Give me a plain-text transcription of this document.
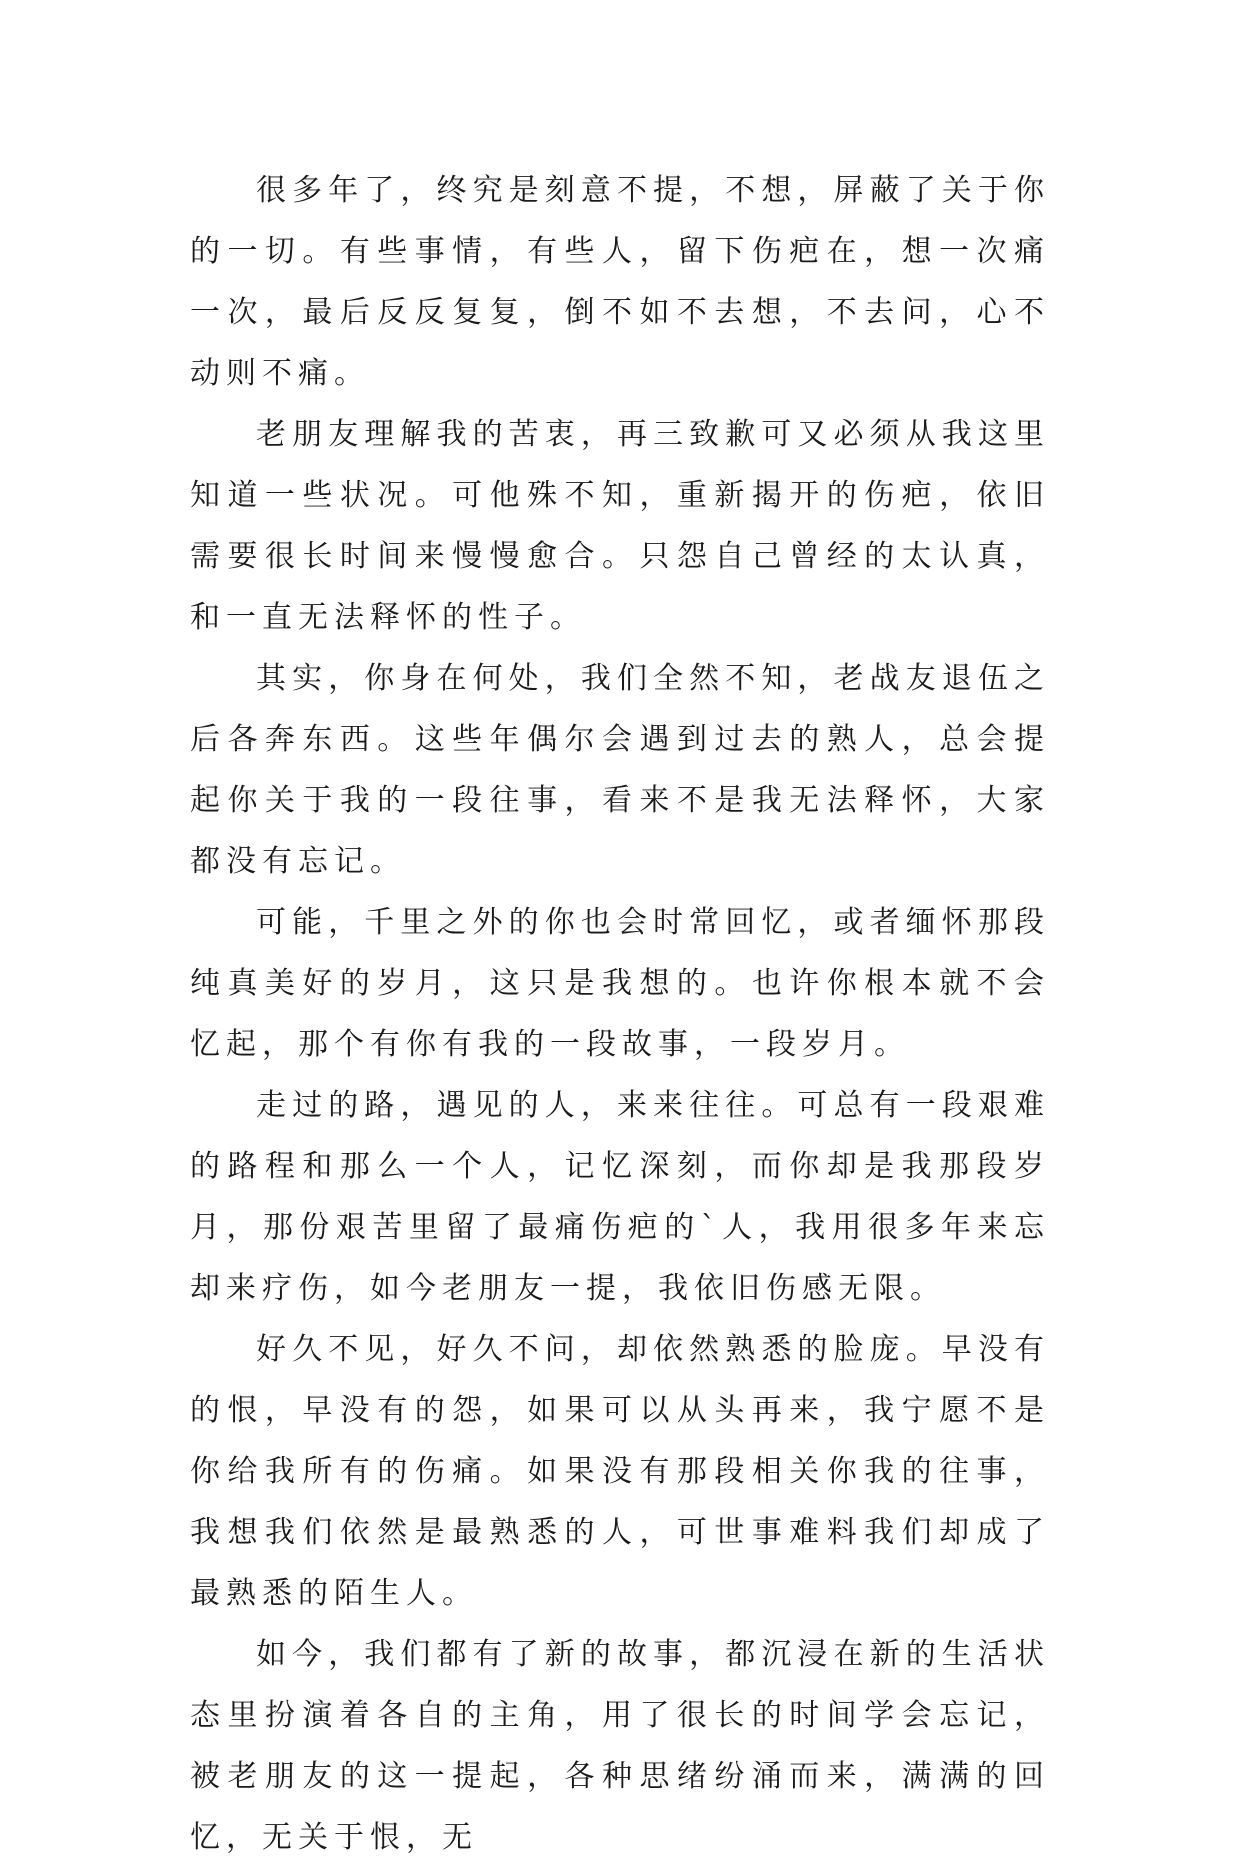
很多年了，终究是刻意不提，不想，屏蔽了关于你的一切。有些事情，有些人，留下伤疤在，想一次痛一次，最后反反复复，倒不如不去想，不去问，心不动则不痛。

老朋友理解我的苦衷，再三致歉可又必须从我这里知道一些状况。可他殊不知，重新揭开的伤疤，依旧需要很长时间来慢慢愈合。只怨自己曾经的太认真，和一直无法释怀的性子。

其实，你身在何处，我们全然不知，老战友退伍之后各奔东西。这些年偶尔会遇到过去的熟人，总会提起你关于我的一段往事，看来不是我无法释怀，大家都没有忘记。

可能，千里之外的你也会时常回忆，或者缅怀那段纯真美好的岁月，这只是我想的。也许你根本就不会忆起，那个有你有我的一段故事，一段岁月。

走过的路，遇见的人，来来往往。可总有一段艰难的路程和那么一个人，记忆深刻，而你却是我那段岁月，那份艰苦里留了最痛伤疤的`人，我用很多年来忘却来疗伤，如今老朋友一提，我依旧伤感无限。

好久不见，好久不问，却依然熟悉的脸庞。早没有的恨，早没有的怨，如果可以从头再来，我宁愿不是你给我所有的伤痛。如果没有那段相关你我的往事，我想我们依然是最熟悉的人，可世事难料我们却成了最熟悉的陌生人。

如今，我们都有了新的故事，都沉浸在新的生活状态里扮演着各自的主角，用了很长的时间学会忘记，被老朋友的这一提起，各种思绪纷涌而来，满满的回忆，无关于恨，无
